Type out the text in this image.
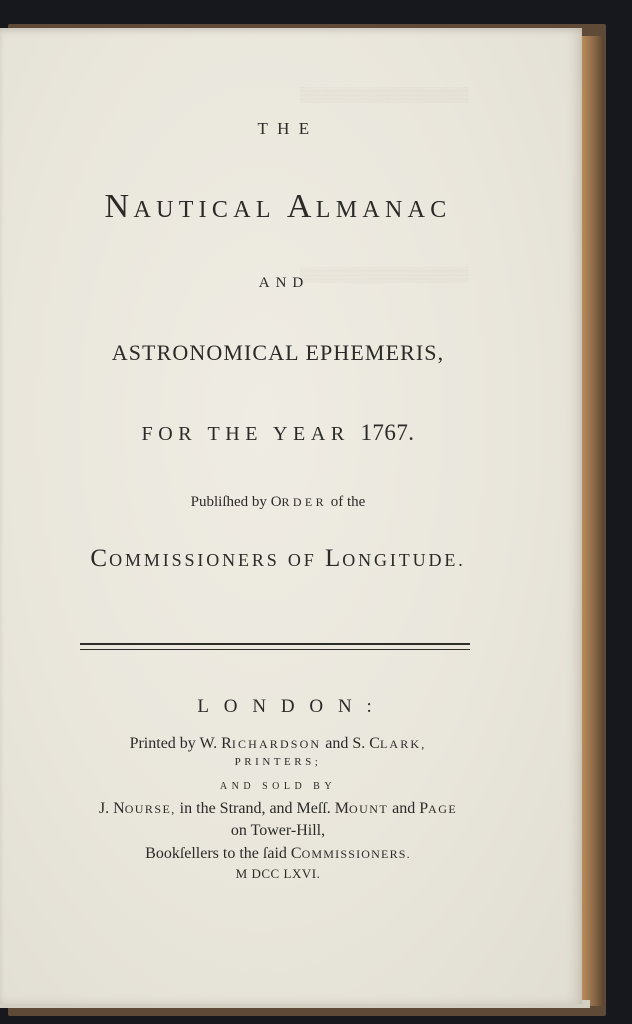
▒▒▒▒▒▒▒▒▒▒▒▒▒▒▒▒▒
▒▒▒▒▒▒▒▒▒▒▒▒▒▒▒▒▒
THE
NAUTICAL ALMANAC
AND
ASTRONOMICAL EPHEMERIS,
FOR THE YEAR 1767.
Publiſhed by ORDER of the
COMMISSIONERS OF LONGITUDE.
LONDON:
Printed by W. RICHARDSON and S. CLARK,
PRINTERS;
AND SOLD BY
J. NOURSE, in the Strand, and Meſſ. MOUNT and PAGE
on Tower-Hill,
Bookſellers to the ſaid COMMISSIONERS.
M DCC LXVI.
